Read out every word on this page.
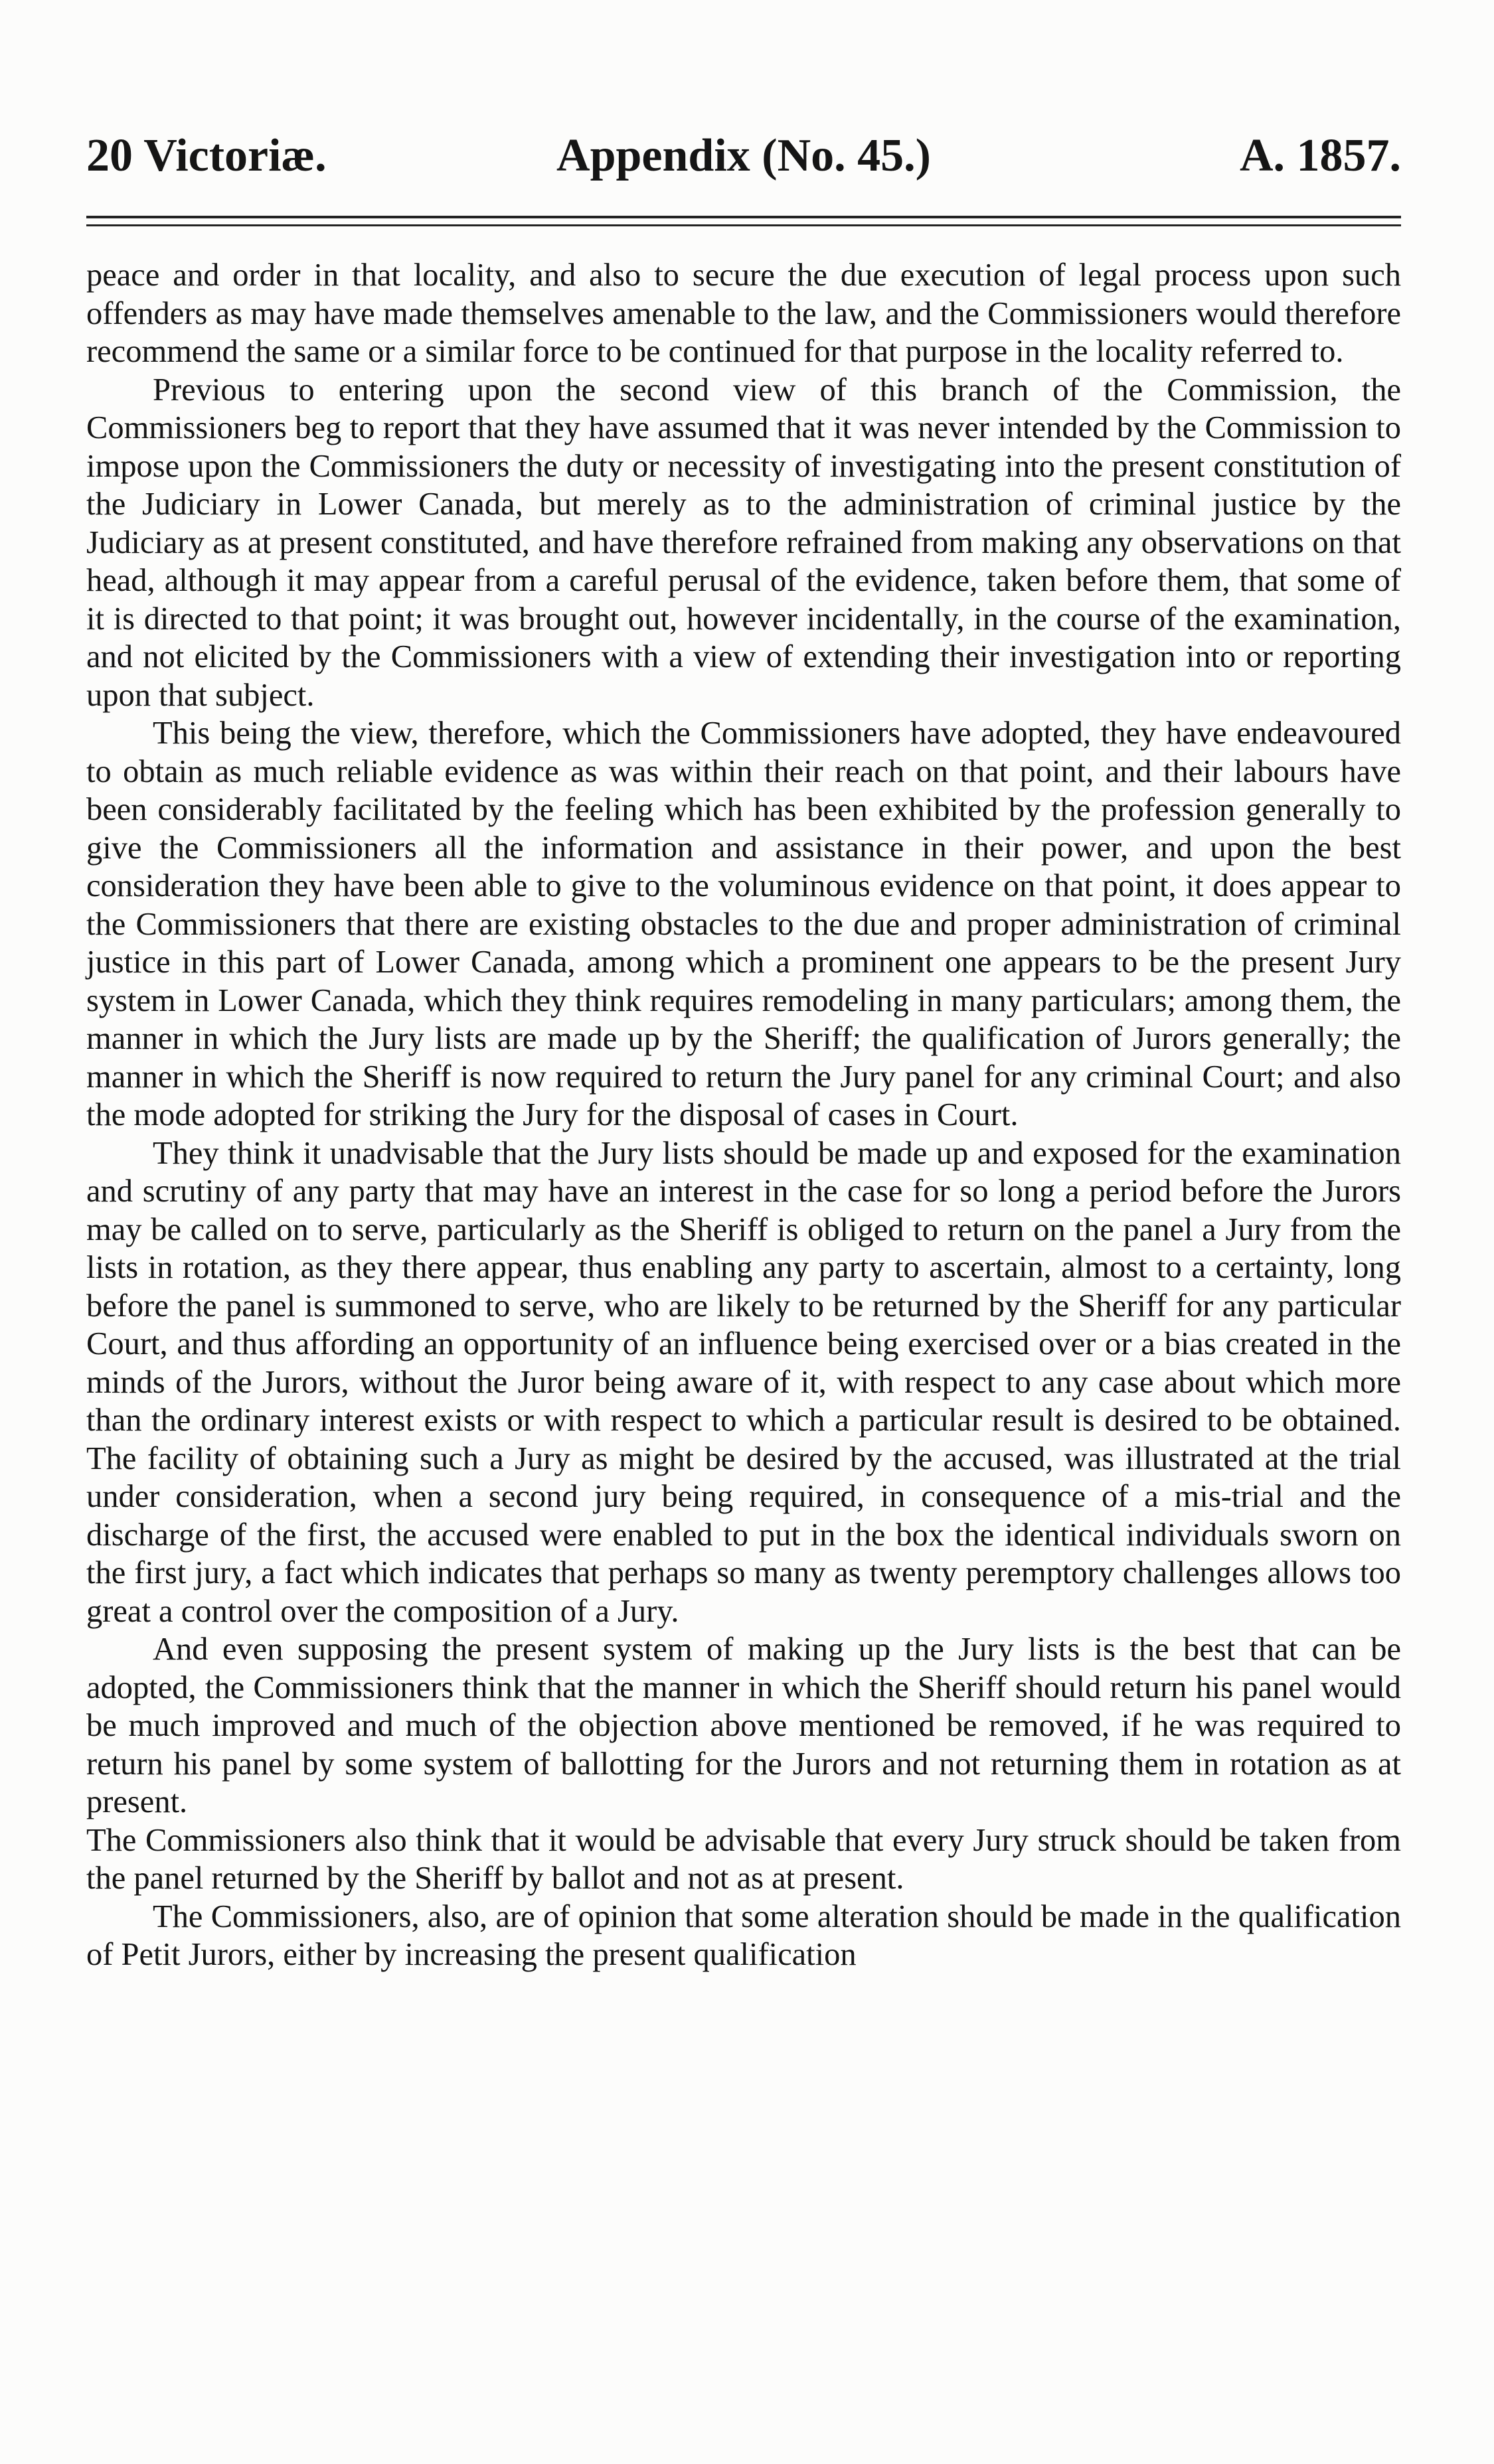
20 Victoriæ.	Appendix (No. 45.)	A. 1857.

peace and order in that locality, and also to secure the due execution of legal process upon such offenders as may have made themselves amenable to the law, and the Commissioners would therefore recommend the same or a similar force to be continued for that purpose in the locality referred to.

Previous to entering upon the second view of this branch of the Commission, the Commissioners beg to report that they have assumed that it was never intended by the Commission to impose upon the Commissioners the duty or necessity of investigating into the present constitution of the Judiciary in Lower Canada, but merely as to the administration of criminal justice by the Judiciary as at present constituted, and have therefore refrained from making any observations on that head, although it may appear from a careful perusal of the evidence, taken before them, that some of it is directed to that point; it was brought out, however incidentally, in the course of the examination, and not elicited by the Commissioners with a view of extending their investigation into or reporting upon that subject.

This being the view, therefore, which the Commissioners have adopted, they have endeavoured to obtain as much reliable evidence as was within their reach on that point, and their labours have been considerably facilitated by the feeling which has been exhibited by the profession generally to give the Commissioners all the information and assistance in their power, and upon the best consideration they have been able to give to the voluminous evidence on that point, it does appear to the Commissioners that there are existing obstacles to the due and proper administration of criminal justice in this part of Lower Canada, among which a prominent one appears to be the present Jury system in Lower Canada, which they think requires remodeling in many particulars; among them, the manner in which the Jury lists are made up by the Sheriff; the qualification of Jurors generally; the manner in which the Sheriff is now required to return the Jury panel for any criminal Court; and also the mode adopted for striking the Jury for the disposal of cases in Court.

They think it unadvisable that the Jury lists should be made up and exposed for the examination and scrutiny of any party that may have an interest in the case for so long a period before the Jurors may be called on to serve, particularly as the Sheriff is obliged to return on the panel a Jury from the lists in rotation, as they there appear, thus enabling any party to ascertain, almost to a certainty, long before the panel is summoned to serve, who are likely to be returned by the Sheriff for any particular Court, and thus affording an opportunity of an influence being exercised over or a bias created in the minds of the Jurors, without the Juror being aware of it, with respect to any case about which more than the ordinary interest exists or with respect to which a particular result is desired to be obtained. The facility of obtaining such a Jury as might be desired by the accused, was illustrated at the trial under consideration, when a second jury being required, in consequence of a mis-trial and the discharge of the first, the accused were enabled to put in the box the identical individuals sworn on the first jury, a fact which indicates that perhaps so many as twenty peremptory challenges allows too great a control over the composition of a Jury.

And even supposing the present system of making up the Jury lists is the best that can be adopted, the Commissioners think that the manner in which the Sheriff should return his panel would be much improved and much of the objection above mentioned be removed, if he was required to return his panel by some system of ballotting for the Jurors and not returning them in rotation as at present.

The Commissioners also think that it would be advisable that every Jury struck should be taken from the panel returned by the Sheriff by ballot and not as at present.

The Commissioners, also, are of opinion that some alteration should be made in the qualification of Petit Jurors, either by increasing the present qualification
